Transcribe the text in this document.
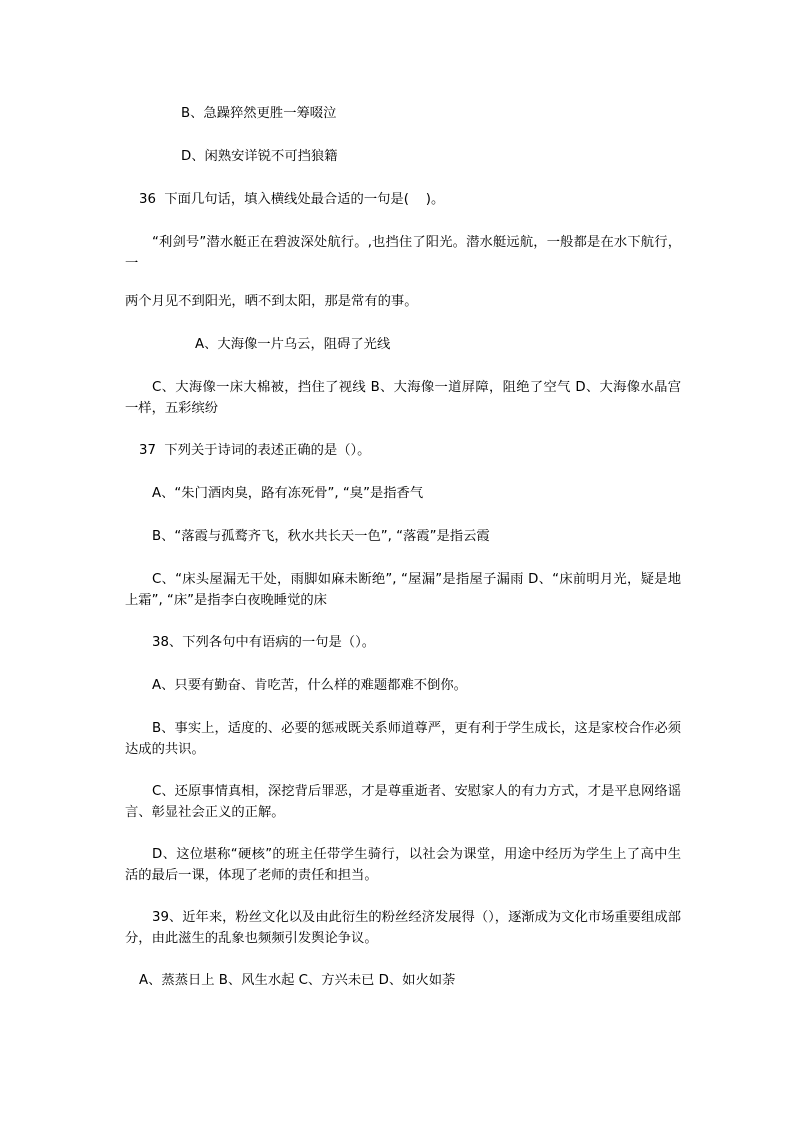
B、急躁猝然更胜一筹啜泣

D、闲熟安详锐不可挡狼籍

36  下面几句话，填入横线处最合适的一句是(    )。

“利剑号”潜水艇正在碧波深处航行。‚也挡住了阳光。潜水艇远航，一般都是在水下航行，一

两个月见不到阳光，晒不到太阳，那是常有的事。

A、大海像一片乌云，阻碍了光线

C、大海像一床大棉被，挡住了视线 B、大海像一道屏障，阻绝了空气 D、大海像水晶宫一样，五彩缤纷

37  下列关于诗词的表述正确的是（）。

A、“朱门酒肉臭，路有冻死骨”, “臭”是指香气

B、“落霞与孤鹜齐飞，秋水共长天一色”, “落霞”是指云霞

C、“床头屋漏无干处，雨脚如麻未断绝”, “屋漏”是指屋子漏雨 D、“床前明月光，疑是地上霜”, “床”是指李白夜晚睡觉的床

38、下列各句中有语病的一句是（）。

A、只要有勤奋、肯吃苦，什么样的难题都难不倒你。

B、事实上，适度的、必要的惩戒既关系师道尊严，更有利于学生成长，这是家校合作必须达成的共识。

C、还原事情真相，深挖背后罪恶，才是尊重逝者、安慰家人的有力方式，才是平息网络谣言、彰显社会正义的正解。

D、这位堪称“硬核”的班主任带学生骑行，以社会为课堂，用途中经历为学生上了高中生活的最后一课，体现了老师的责任和担当。

39、近年来，粉丝文化以及由此衍生的粉丝经济发展得（），逐渐成为文化市场重要组成部分，由此滋生的乱象也频频引发舆论争议。

A、蒸蒸日上 B、风生水起 C、方兴未已 D、如火如荼
